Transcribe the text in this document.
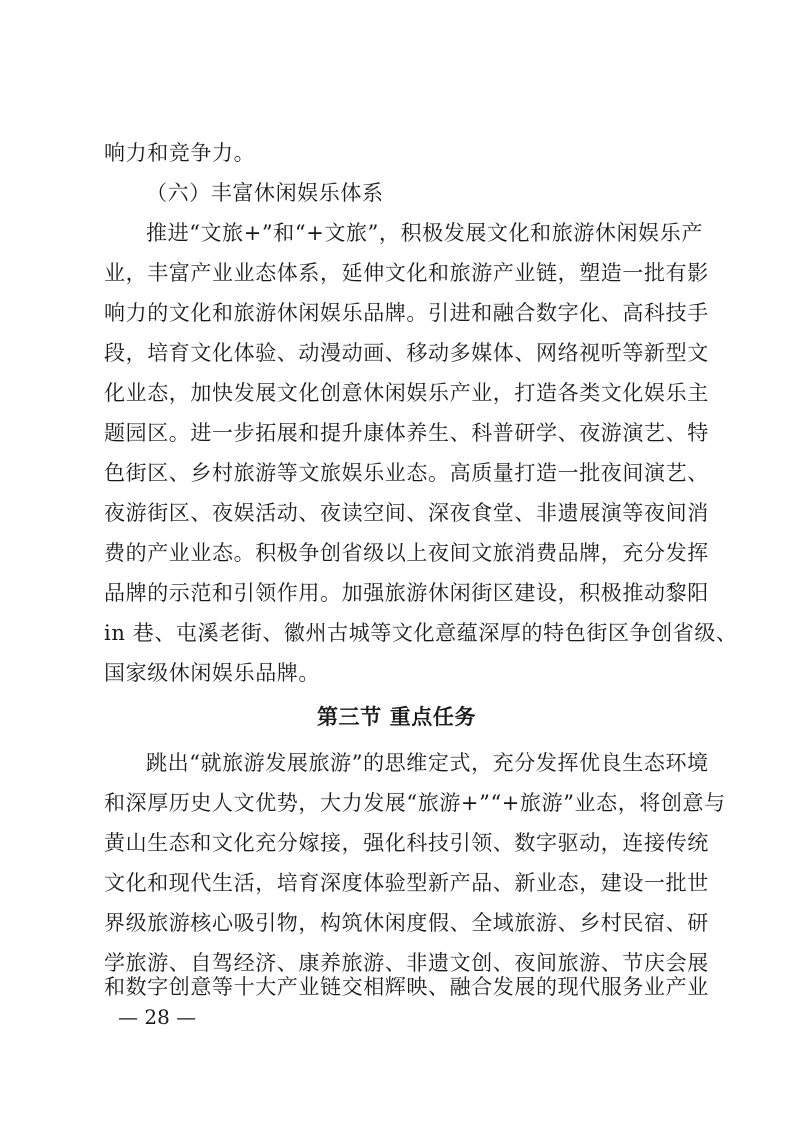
响力和竞争力。
（六）丰富休闲娱乐体系
推进“文旅+”和“+文旅”，积极发展文化和旅游休闲娱乐产
业，丰富产业业态体系，延伸文化和旅游产业链，塑造一批有影
响力的文化和旅游休闲娱乐品牌。引进和融合数字化、高科技手
段，培育文化体验、动漫动画、移动多媒体、网络视听等新型文
化业态，加快发展文化创意休闲娱乐产业，打造各类文化娱乐主
题园区。进一步拓展和提升康体养生、科普研学、夜游演艺、特
色街区、乡村旅游等文旅娱乐业态。高质量打造一批夜间演艺、
夜游街区、夜娱活动、夜读空间、深夜食堂、非遗展演等夜间消
费的产业业态。积极争创省级以上夜间文旅消费品牌，充分发挥
品牌的示范和引领作用。加强旅游休闲街区建设，积极推动黎阳
in 巷、屯溪老街、徽州古城等文化意蕴深厚的特色街区争创省级、
国家级休闲娱乐品牌。
第三节 重点任务
跳出“就旅游发展旅游”的思维定式，充分发挥优良生态环境
和深厚历史人文优势，大力发展“旅游+”“+旅游”业态，将创意与
黄山生态和文化充分嫁接，强化科技引领、数字驱动，连接传统
文化和现代生活，培育深度体验型新产品、新业态，建设一批世
界级旅游核心吸引物，构筑休闲度假、全域旅游、乡村民宿、研
学旅游、自驾经济、康养旅游、非遗文创、夜间旅游、节庆会展
和数字创意等十大产业链交相辉映、融合发展的现代服务业产业
— 28 —
